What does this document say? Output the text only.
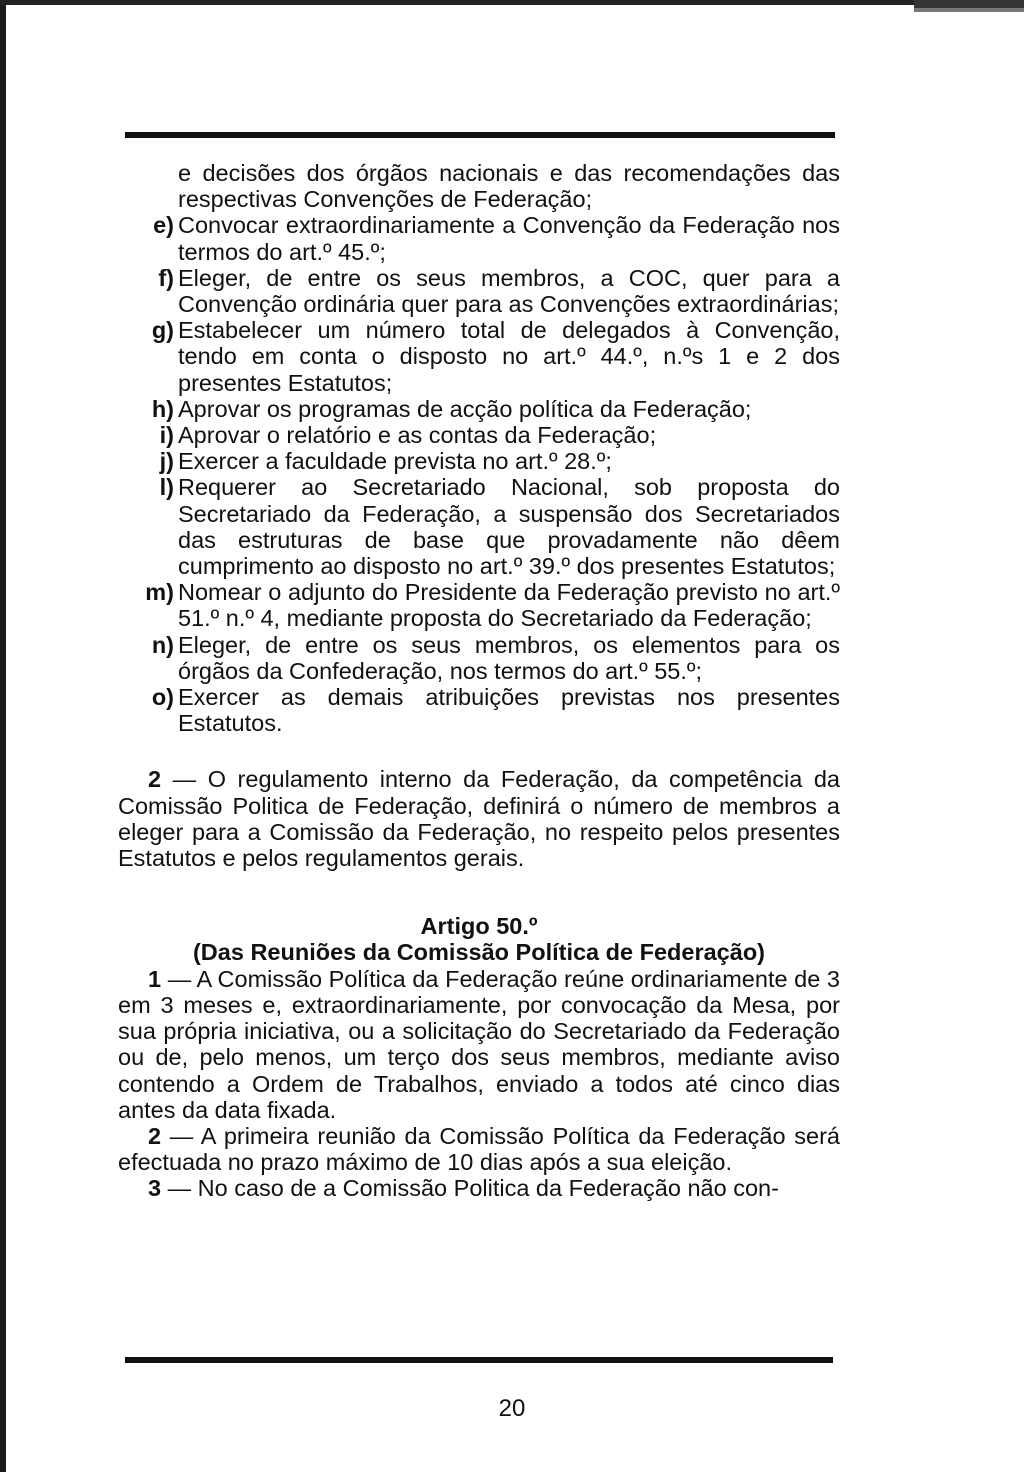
e decisões dos órgãos nacionais e das recomendações das respectivas Convenções de Federação;

e) Convocar extraordinariamente a Convenção da Federação nos termos do art.º 45.º;

f) Eleger, de entre os seus membros, a COC, quer para a Convenção ordinária quer para as Convenções extraordinárias;

g) Estabelecer um número total de delegados à Convenção, tendo em conta o disposto no art.º 44.º, n.ºs 1 e 2 dos presentes Estatutos;

h) Aprovar os programas de acção política da Federação;

i) Aprovar o relatório e as contas da Federação;

j) Exercer a faculdade prevista no art.º 28.º;

l) Requerer ao Secretariado Nacional, sob proposta do Secretariado da Federação, a suspensão dos Secretariados das estruturas de base que provadamente não dêem cumprimento ao disposto no art.º 39.º dos presentes Estatutos;

m) Nomear o adjunto do Presidente da Federação previsto no art.º 51.º n.º 4, mediante proposta do Secretariado da Federação;

n) Eleger, de entre os seus membros, os elementos para os órgãos da Confederação, nos termos do art.º 55.º;

o) Exercer as demais atribuições previstas nos presentes Estatutos.

2 — O regulamento interno da Federação, da competência da Comissão Politica de Federação, definirá o número de membros a eleger para a Comissão da Federação, no respeito pelos presentes Estatutos e pelos regulamentos gerais.

Artigo 50.º

(Das Reuniões da Comissão Política de Federação)

1 — A Comissão Política da Federação reúne ordinariamente de 3 em 3 meses e, extraordinariamente, por convocação da Mesa, por sua própria iniciativa, ou a solicitação do Secretariado da Federação ou de, pelo menos, um terço dos seus membros, mediante aviso contendo a Ordem de Trabalhos, enviado a todos até cinco dias antes da data fixada.

2 — A primeira reunião da Comissão Política da Federação será efectuada no prazo máximo de 10 dias após a sua eleição.

3 — No caso de a Comissão Politica da Federação não con-

20
